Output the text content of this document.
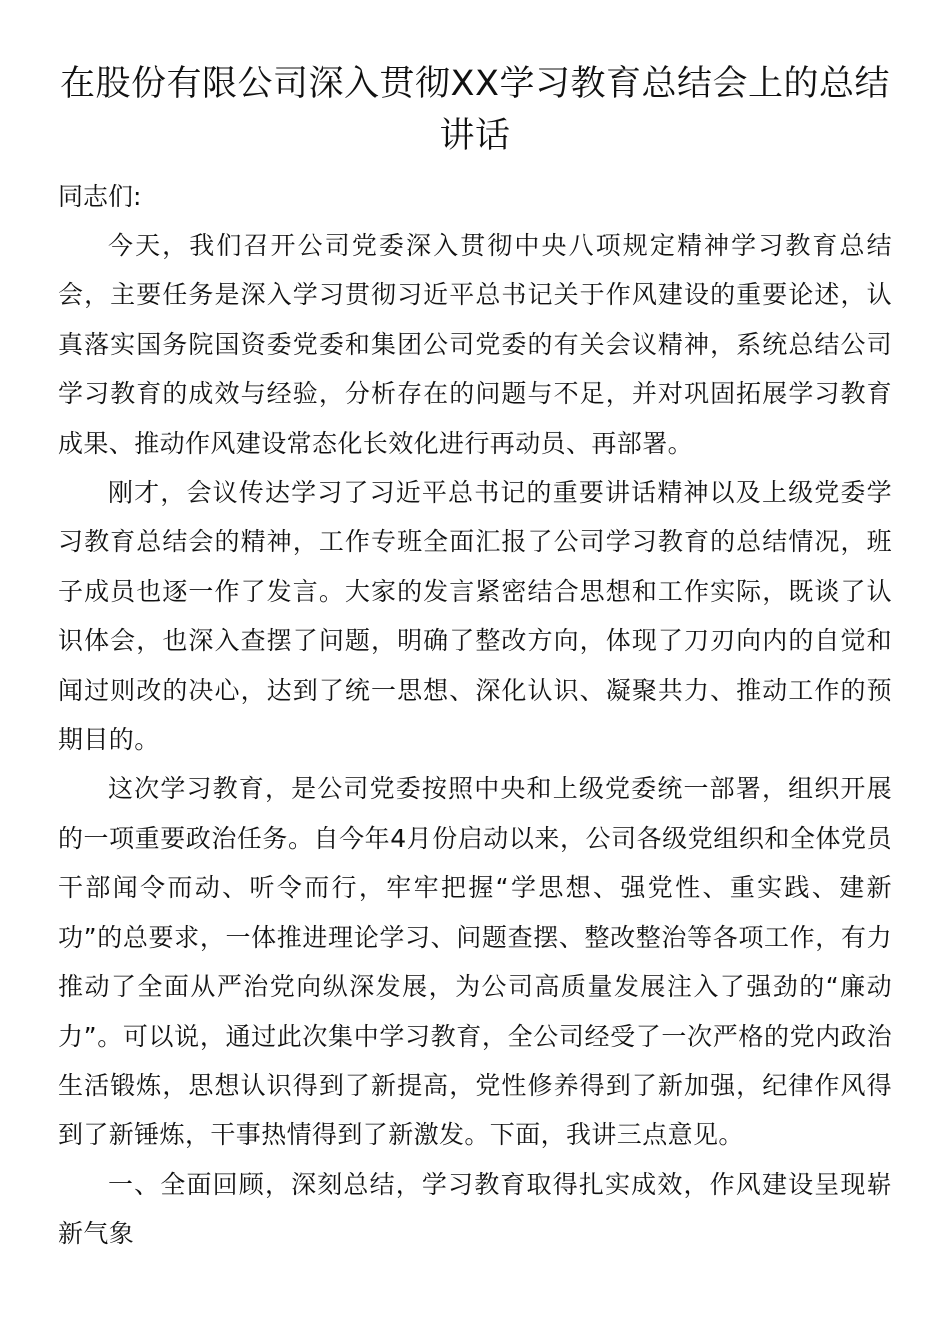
在股份有限公司深入贯彻XX学习教育总结会上的总结讲话

同志们:

今天，我们召开公司党委深入贯彻中央八项规定精神学习教育总结会，主要任务是深入学习贯彻习近平总书记关于作风建设的重要论述，认真落实国务院国资委党委和集团公司党委的有关会议精神，系统总结公司学习教育的成效与经验，分析存在的问题与不足，并对巩固拓展学习教育成果、推动作风建设常态化长效化进行再动员、再部署。

刚才，会议传达学习了习近平总书记的重要讲话精神以及上级党委学习教育总结会的精神，工作专班全面汇报了公司学习教育的总结情况，班子成员也逐一作了发言。大家的发言紧密结合思想和工作实际，既谈了认识体会，也深入查摆了问题，明确了整改方向，体现了刀刃向内的自觉和闻过则改的决心，达到了统一思想、深化认识、凝聚共力、推动工作的预期目的。

这次学习教育，是公司党委按照中央和上级党委统一部署，组织开展的一项重要政治任务。自今年4月份启动以来，公司各级党组织和全体党员干部闻令而动、听令而行，牢牢把握“学思想、强党性、重实践、建新功”的总要求，一体推进理论学习、问题查摆、整改整治等各项工作，有力推动了全面从严治党向纵深发展，为公司高质量发展注入了强劲的“廉动力”。可以说，通过此次集中学习教育，全公司经受了一次严格的党内政治生活锻炼，思想认识得到了新提高，党性修养得到了新加强，纪律作风得到了新锤炼，干事热情得到了新激发。下面，我讲三点意见。

一、全面回顾，深刻总结，学习教育取得扎实成效，作风建设呈现崭新气象
